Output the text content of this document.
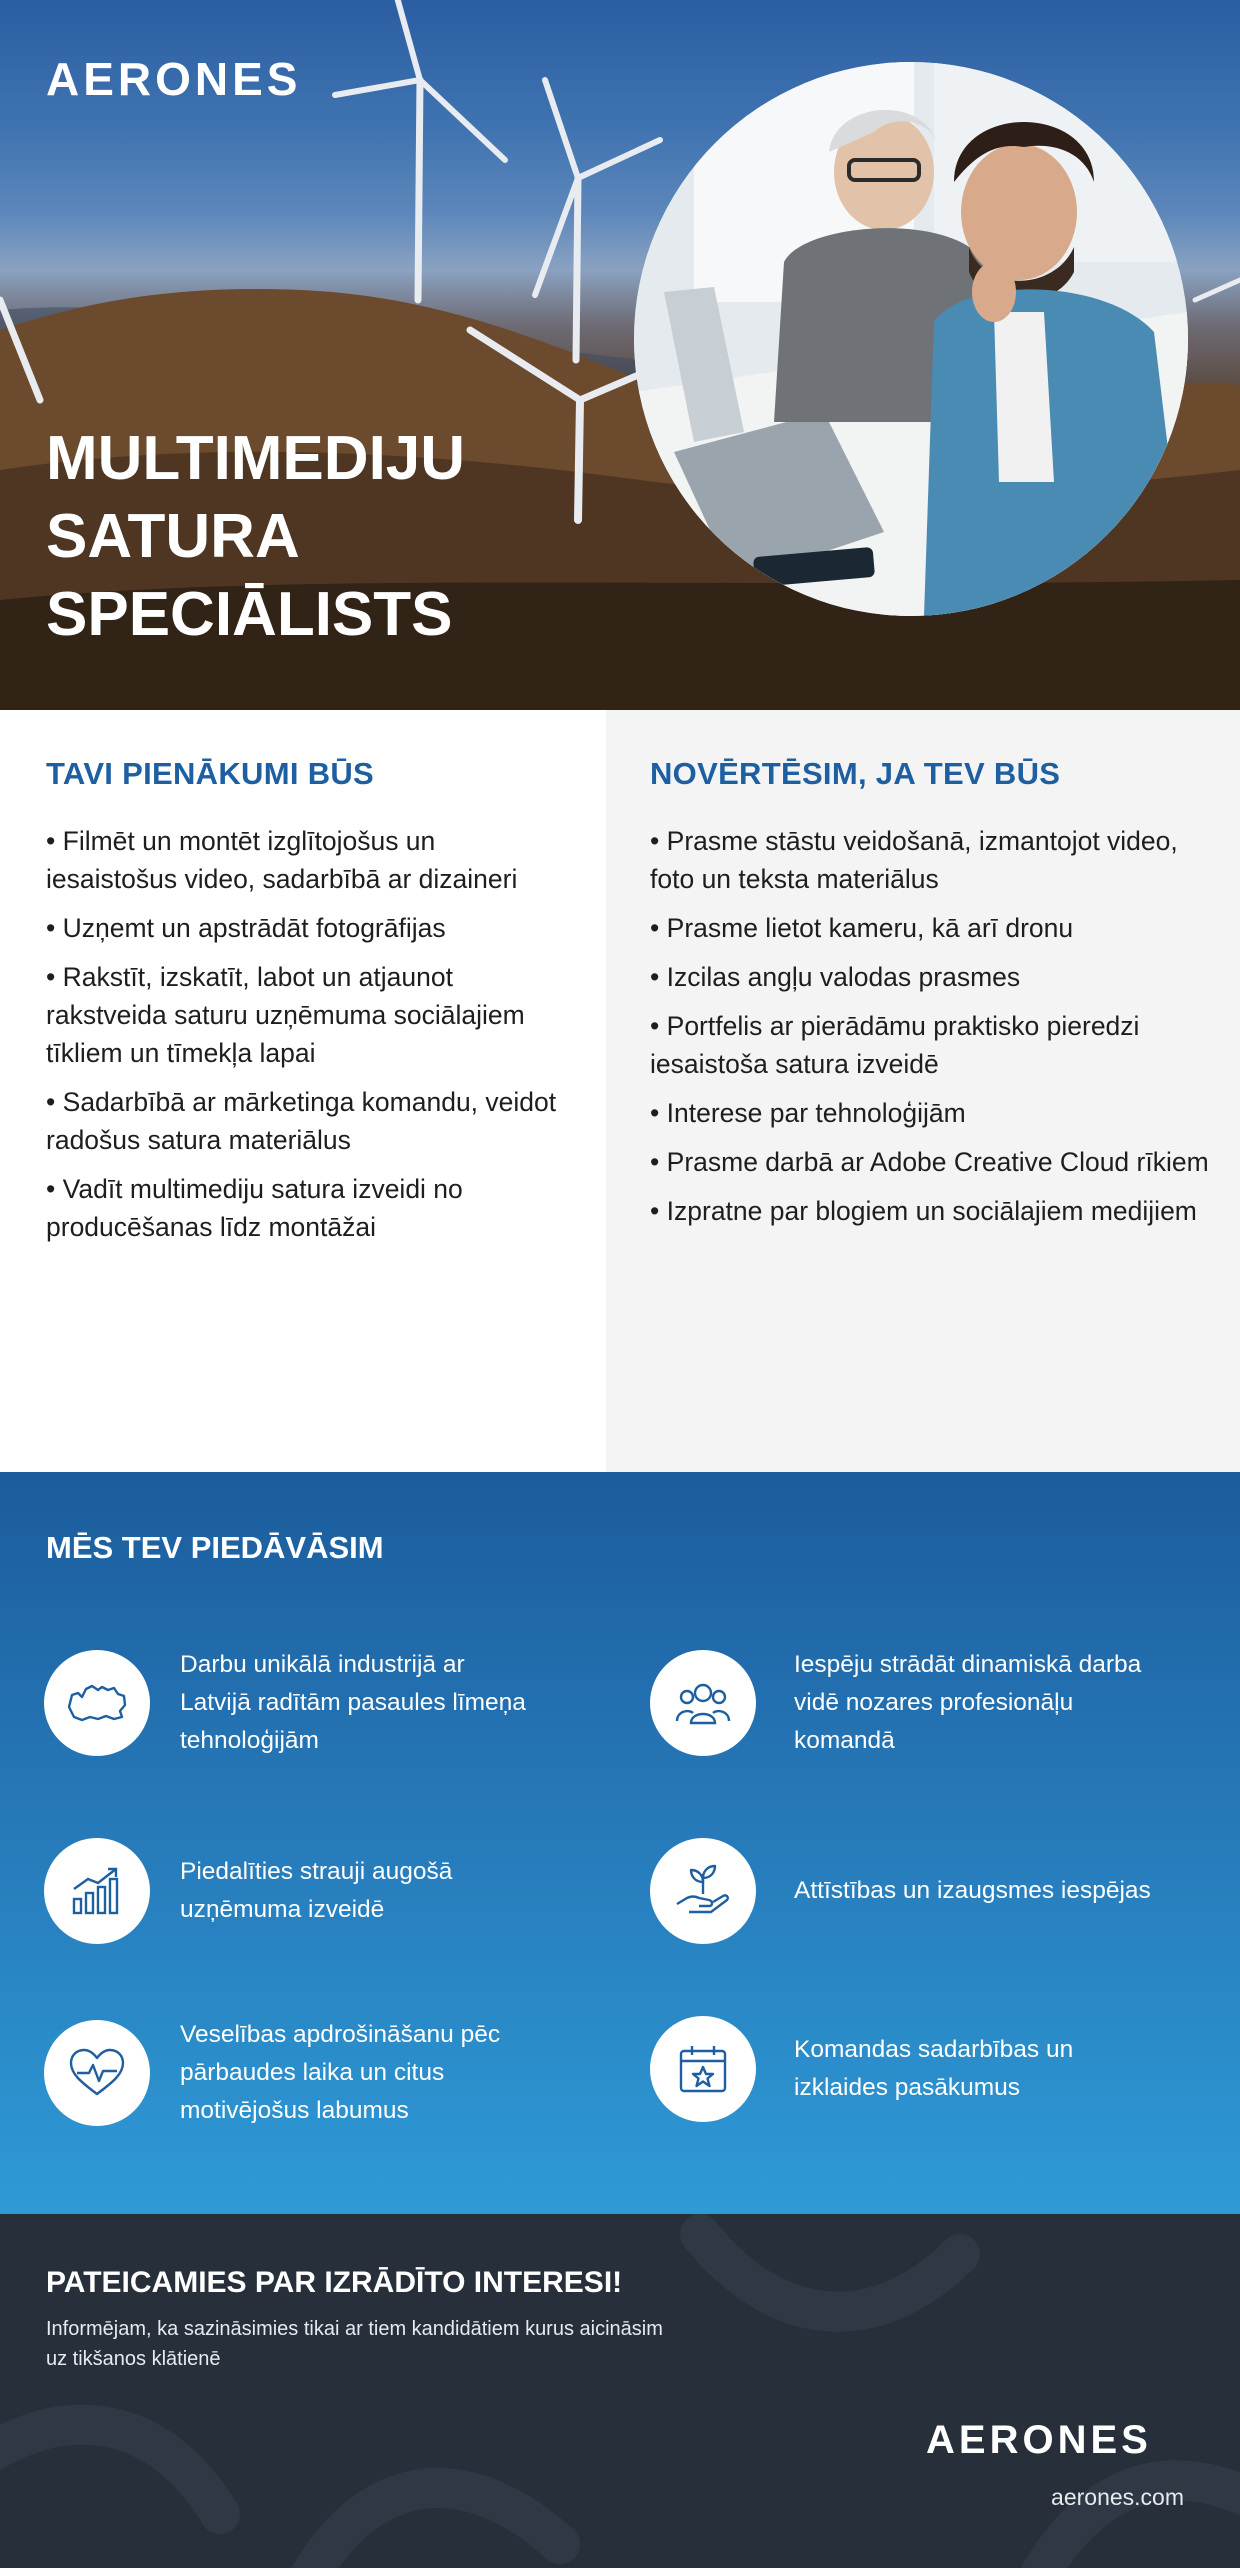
AERONES
MULTIMEDIJU
SATURA
SPECIĀLISTS
TAVI PIENĀKUMI BŪS
• Filmēt un montēt izglītojošus un iesaistošus video, sadarbībā ar dizaineri
• Uzņemt un apstrādāt fotogrāfijas
• Rakstīt, izskatīt, labot un atjaunot rakstveida saturu uzņēmuma sociālajiem tīkliem un tīmekļa lapai
• Sadarbībā ar mārketinga komandu, veidot radošus satura materiālus
• Vadīt multimediju satura izveidi no producēšanas līdz montāžai
NOVĒRTĒSIM, JA TEV BŪS
• Prasme stāstu veidošanā, izmantojot video, foto un teksta materiālus
• Prasme lietot kameru, kā arī dronu
• Izcilas angļu valodas prasmes
• Portfelis ar pierādāmu praktisko pieredzi iesaistoša satura izveidē
• Interese par tehnoloģijām
• Prasme darbā ar Adobe Creative Cloud rīkiem
• Izpratne par blogiem un sociālajiem medijiem
MĒS TEV PIEDĀVĀSIM
Darbu unikālā industrijā ar Latvijā radītām pasaules līmeņa tehnoloģijām
Iespēju strādāt dinamiskā darba vidē nozares profesionāļu komandā
Piedalīties strauji augošā uzņēmuma izveidē
Attīstības un izaugsmes iespējas
Veselības apdrošināšanu pēc pārbaudes laika un citus motivējošus labumus
Komandas sadarbības un izklaides pasākumus
PATEICAMIES PAR IZRĀDĪTO INTERESI!

Informējam, ka sazināsimies tikai ar tiem kandidātiem kurus aicināsim uz tikšanos klātienē

AERONES
aerones.com
